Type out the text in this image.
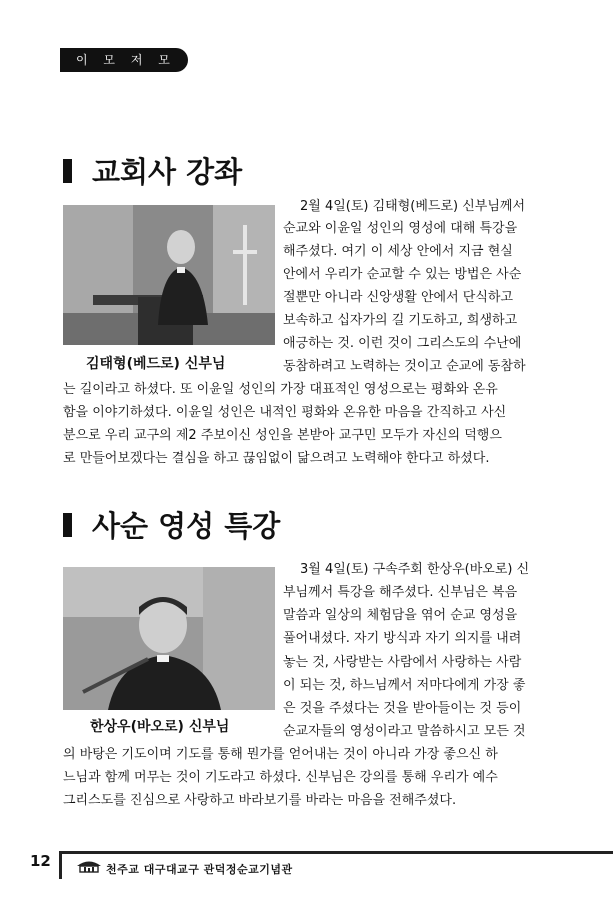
이 모 저 모
교회사 강좌
김태형(베드로) 신부님
2월 4일(토) 김태형(베드로) 신부님께서
순교와 이윤일 성인의 영성에 대해 특강을
해주셨다. 여기 이 세상 안에서 지금 현실
안에서 우리가 순교할 수 있는 방법은 사순
절뿐만 아니라 신앙생활 안에서 단식하고
보속하고 십자가의 길 기도하고, 희생하고
애긍하는 것. 이런 것이 그리스도의 수난에
동참하려고 노력하는 것이고 순교에 동참하
는 길이라고 하셨다. 또 이윤일 성인의 가장 대표적인 영성으로는 평화와 온유
함을 이야기하셨다. 이윤일 성인은 내적인 평화와 온유한 마음을 간직하고 사신
분으로 우리 교구의 제2 주보이신 성인을 본받아 교구민 모두가 자신의 덕행으
로 만들어보겠다는 결심을 하고 끊임없이 닮으려고 노력해야 한다고 하셨다.
사순 영성 특강
한상우(바오로) 신부님
3월 4일(토) 구속주회 한상우(바오로) 신
부님께서 특강을 해주셨다. 신부님은 복음
말씀과 일상의 체험담을 엮어 순교 영성을
풀어내셨다. 자기 방식과 자기 의지를 내려
놓는 것, 사랑받는 사람에서 사랑하는 사람
이 되는 것, 하느님께서 저마다에게 가장 좋
은 것을 주셨다는 것을 받아들이는 것 등이
순교자들의 영성이라고 말씀하시고 모든 것
의 바탕은 기도이며 기도를 통해 뭔가를 얻어내는 것이 아니라 가장 좋으신 하
느님과 함께 머무는 것이 기도라고 하셨다. 신부님은 강의를 통해 우리가 예수
그리스도를 진심으로 사랑하고 바라보기를 바라는 마음을 전해주셨다.
12	천주교 대구대교구 관덕정순교기념관
